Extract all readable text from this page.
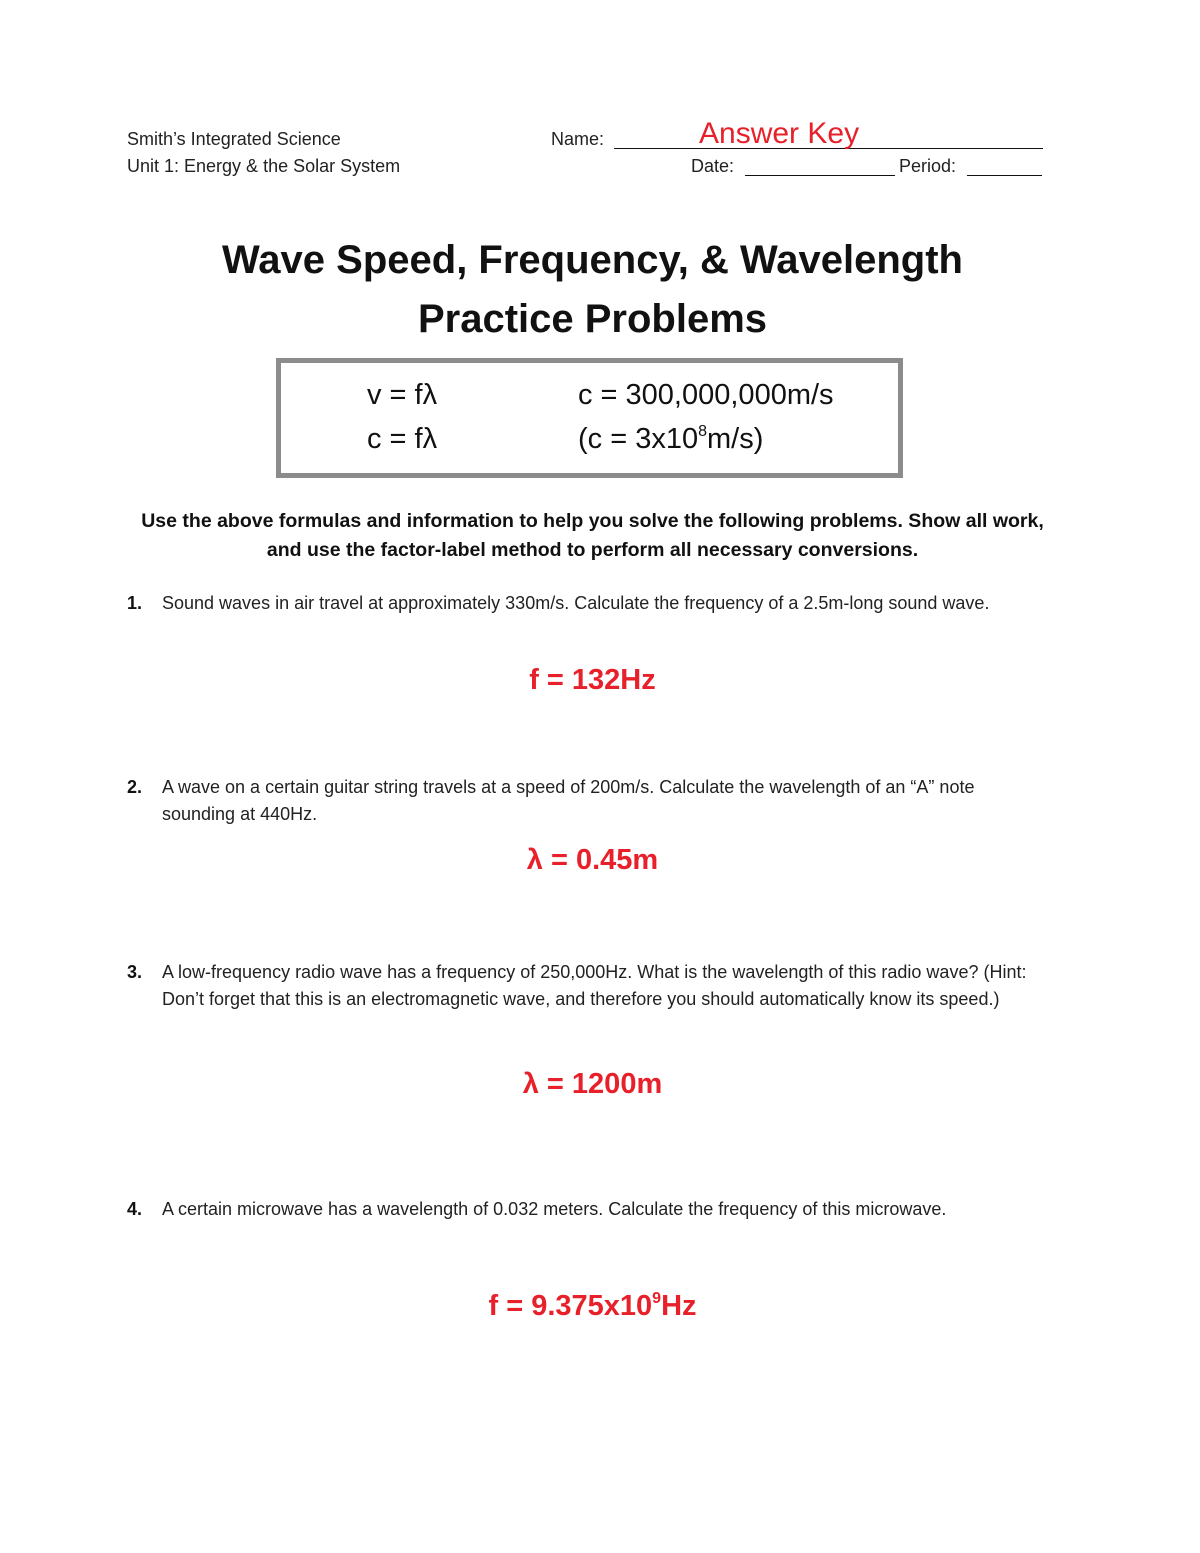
Smith’s Integrated Science
Unit 1: Energy & the Solar System
Name:	Answer Key
Date:	Period:
Wave Speed, Frequency, & Wavelength
Practice Problems
v = fλ
c = fλ
c = 300,000,000m/s
$(c = 3x10^8m/s)$
Use the above formulas and information to help you solve the following problems. Show all work, and use the factor-label method to perform all necessary conversions.
1. Sound waves in air travel at approximately 330m/s. Calculate the frequency of a 2.5m-long sound wave.
f = 132Hz
2. A wave on a certain guitar string travels at a speed of 200m/s. Calculate the wavelength of an “A” note sounding at 440Hz.
λ = 0.45m
3. A low-frequency radio wave has a frequency of 250,000Hz. What is the wavelength of this radio wave? (Hint: Don’t forget that this is an electromagnetic wave, and therefore you should automatically know its speed.)
λ = 1200m
4. A certain microwave has a wavelength of 0.032 meters. Calculate the frequency of this microwave.
$f = 9.375x10^9Hz$
